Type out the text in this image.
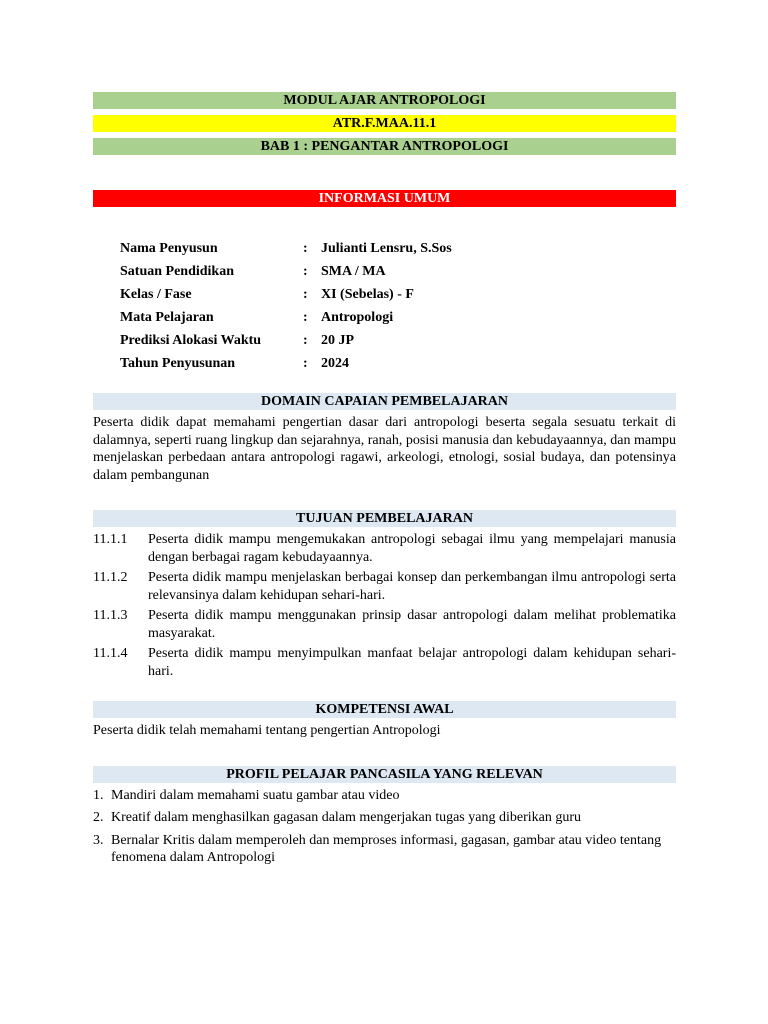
MODUL AJAR ANTROPOLOGI
ATR.F.MAA.11.1
BAB 1 : PENGANTAR ANTROPOLOGI
INFORMASI UMUM
Nama Penyusun	: Julianti Lensru, S.Sos
Satuan Pendidikan	: SMA / MA
Kelas / Fase	: XI (Sebelas) - F
Mata Pelajaran	: Antropologi
Prediksi Alokasi Waktu	: 20 JP
Tahun Penyusunan	: 2024
DOMAIN CAPAIAN PEMBELAJARAN
Peserta didik dapat memahami pengertian dasar dari antropologi beserta segala sesuatu terkait di dalamnya, seperti ruang lingkup dan sejarahnya, ranah, posisi manusia dan kebudayaannya, dan mampu menjelaskan perbedaan antara antropologi ragawi, arkeologi, etnologi, sosial budaya, dan potensinya dalam pembangunan
TUJUAN PEMBELAJARAN
11.1.1	Peserta didik mampu mengemukakan antropologi sebagai ilmu yang mempelajari manusia dengan berbagai ragam kebudayaannya.
11.1.2	Peserta didik mampu menjelaskan berbagai konsep dan perkembangan ilmu antropologi serta relevansinya dalam kehidupan sehari-hari.
11.1.3	Peserta didik mampu menggunakan prinsip dasar antropologi dalam melihat problematika masyarakat.
11.1.4	Peserta didik mampu menyimpulkan manfaat belajar antropologi dalam kehidupan sehari-hari.
KOMPETENSI AWAL
Peserta didik telah memahami tentang pengertian Antropologi
PROFIL PELAJAR PANCASILA YANG RELEVAN
1. Mandiri dalam memahami suatu gambar atau video
2. Kreatif dalam menghasilkan gagasan dalam mengerjakan tugas yang diberikan guru
3. Bernalar Kritis dalam memperoleh dan memproses informasi, gagasan, gambar atau video tentang fenomena dalam Antropologi
